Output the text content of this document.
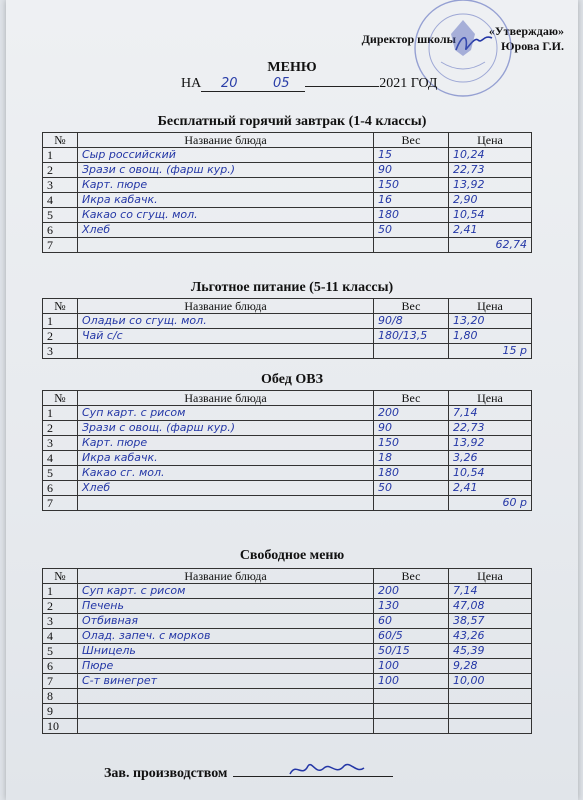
«Утверждаю»
Юрова Г.И.
Директор школы
МЕНЮ
НА 20	05	2021 ГОД
Бесплатный горячий завтрак (1-4 классы)
№	Название блюда	Вес	Цена
1	Сыр российский	15	10,24
2	Зрази с овощ. (фарш кур.)	90	22,73
3	Карт. пюре	150	13,92
4	Икра кабачк.	16	2,90
5	Какао со сгущ. мол.	180	10,54
6	Хлеб	50	2,41
7			62,74
Льготное питание (5-11 классы)
№	Название блюда	Вес	Цена
1	Оладьи со сгущ. мол.	90/8	13,20
2	Чай с/с	180/13,5	1,80
3			15 р
Обед ОВЗ
№	Название блюда	Вес	Цена
1	Суп карт. с рисом	200	7,14
2	Зрази с овощ. (фарш кур.)	90	22,73
3	Карт. пюре	150	13,92
4	Икра кабачк.	18	3,26
5	Какао сг. мол.	180	10,54
6	Хлеб	50	2,41
7			60 р
Свободное меню
№	Название блюда	Вес	Цена
1	Суп карт. с рисом	200	7,14
2	Печень	130	47,08
3	Отбивная	60	38,57
4	Олад. запеч. с морков	60/5	43,26
5	Шницель	50/15	45,39
6	Пюре	100	9,28
7	С-т винегрет	100	10,00
8			
9			
10			
Зав. производством
